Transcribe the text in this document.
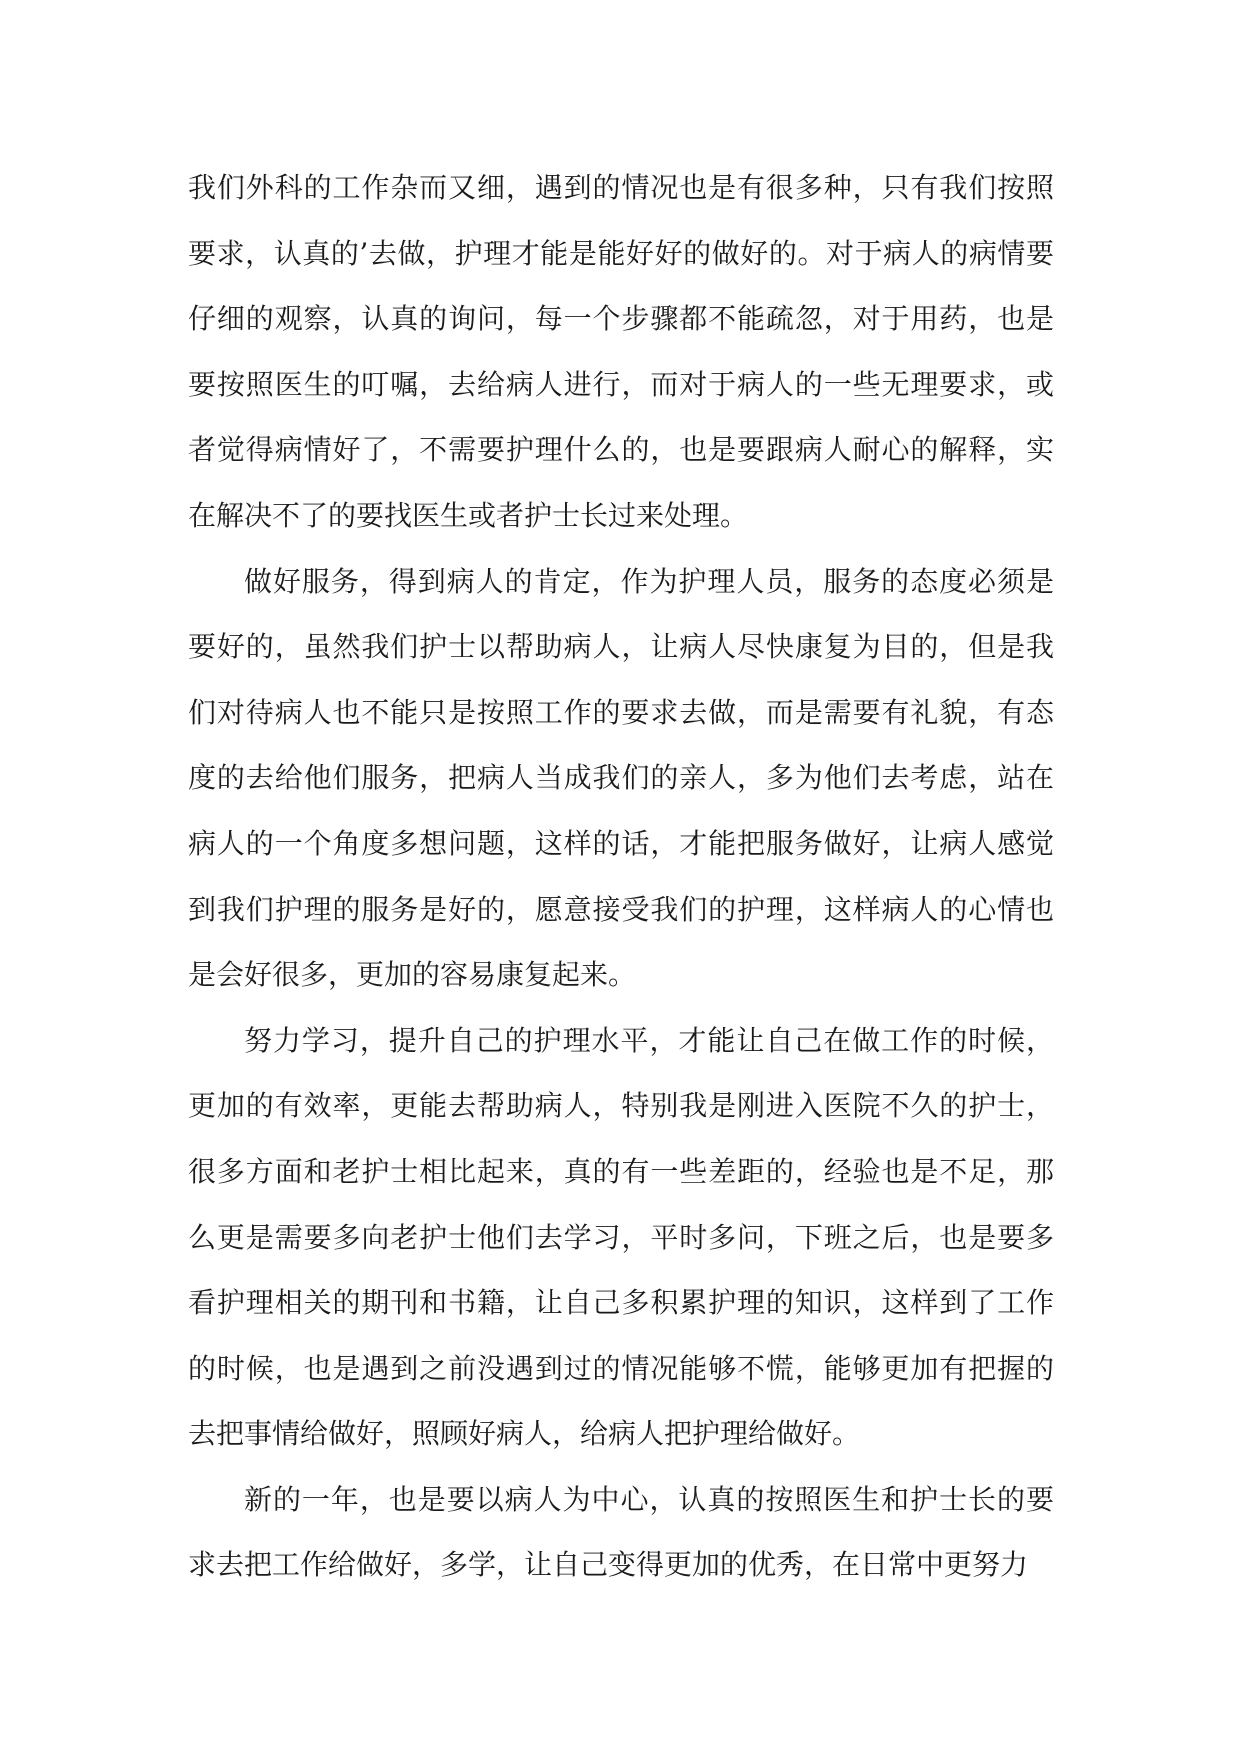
我们外科的工作杂而又细，遇到的情况也是有很多种，只有我们按照要求，认真的’去做，护理才能是能好好的做好的。对于病人的病情要仔细的观察，认真的询问，每一个步骤都不能疏忽，对于用药，也是要按照医生的叮嘱，去给病人进行，而对于病人的一些无理要求，或者觉得病情好了，不需要护理什么的，也是要跟病人耐心的解释，实在解决不了的要找医生或者护士长过来处理。

做好服务，得到病人的肯定，作为护理人员，服务的态度必须是要好的，虽然我们护士以帮助病人，让病人尽快康复为目的，但是我们对待病人也不能只是按照工作的要求去做，而是需要有礼貌，有态度的去给他们服务，把病人当成我们的亲人，多为他们去考虑，站在病人的一个角度多想问题，这样的话，才能把服务做好，让病人感觉到我们护理的服务是好的，愿意接受我们的护理，这样病人的心情也是会好很多，更加的容易康复起来。

努力学习，提升自己的护理水平，才能让自己在做工作的时候，更加的有效率，更能去帮助病人，特别我是刚进入医院不久的护士，很多方面和老护士相比起来，真的有一些差距的，经验也是不足，那么更是需要多向老护士他们去学习，平时多问，下班之后，也是要多看护理相关的期刊和书籍，让自己多积累护理的知识，这样到了工作的时候，也是遇到之前没遇到过的情况能够不慌，能够更加有把握的去把事情给做好，照顾好病人，给病人把护理给做好。

新的一年，也是要以病人为中心，认真的按照医生和护士长的要求去把工作给做好，多学，让自己变得更加的优秀，在日常中更努力
